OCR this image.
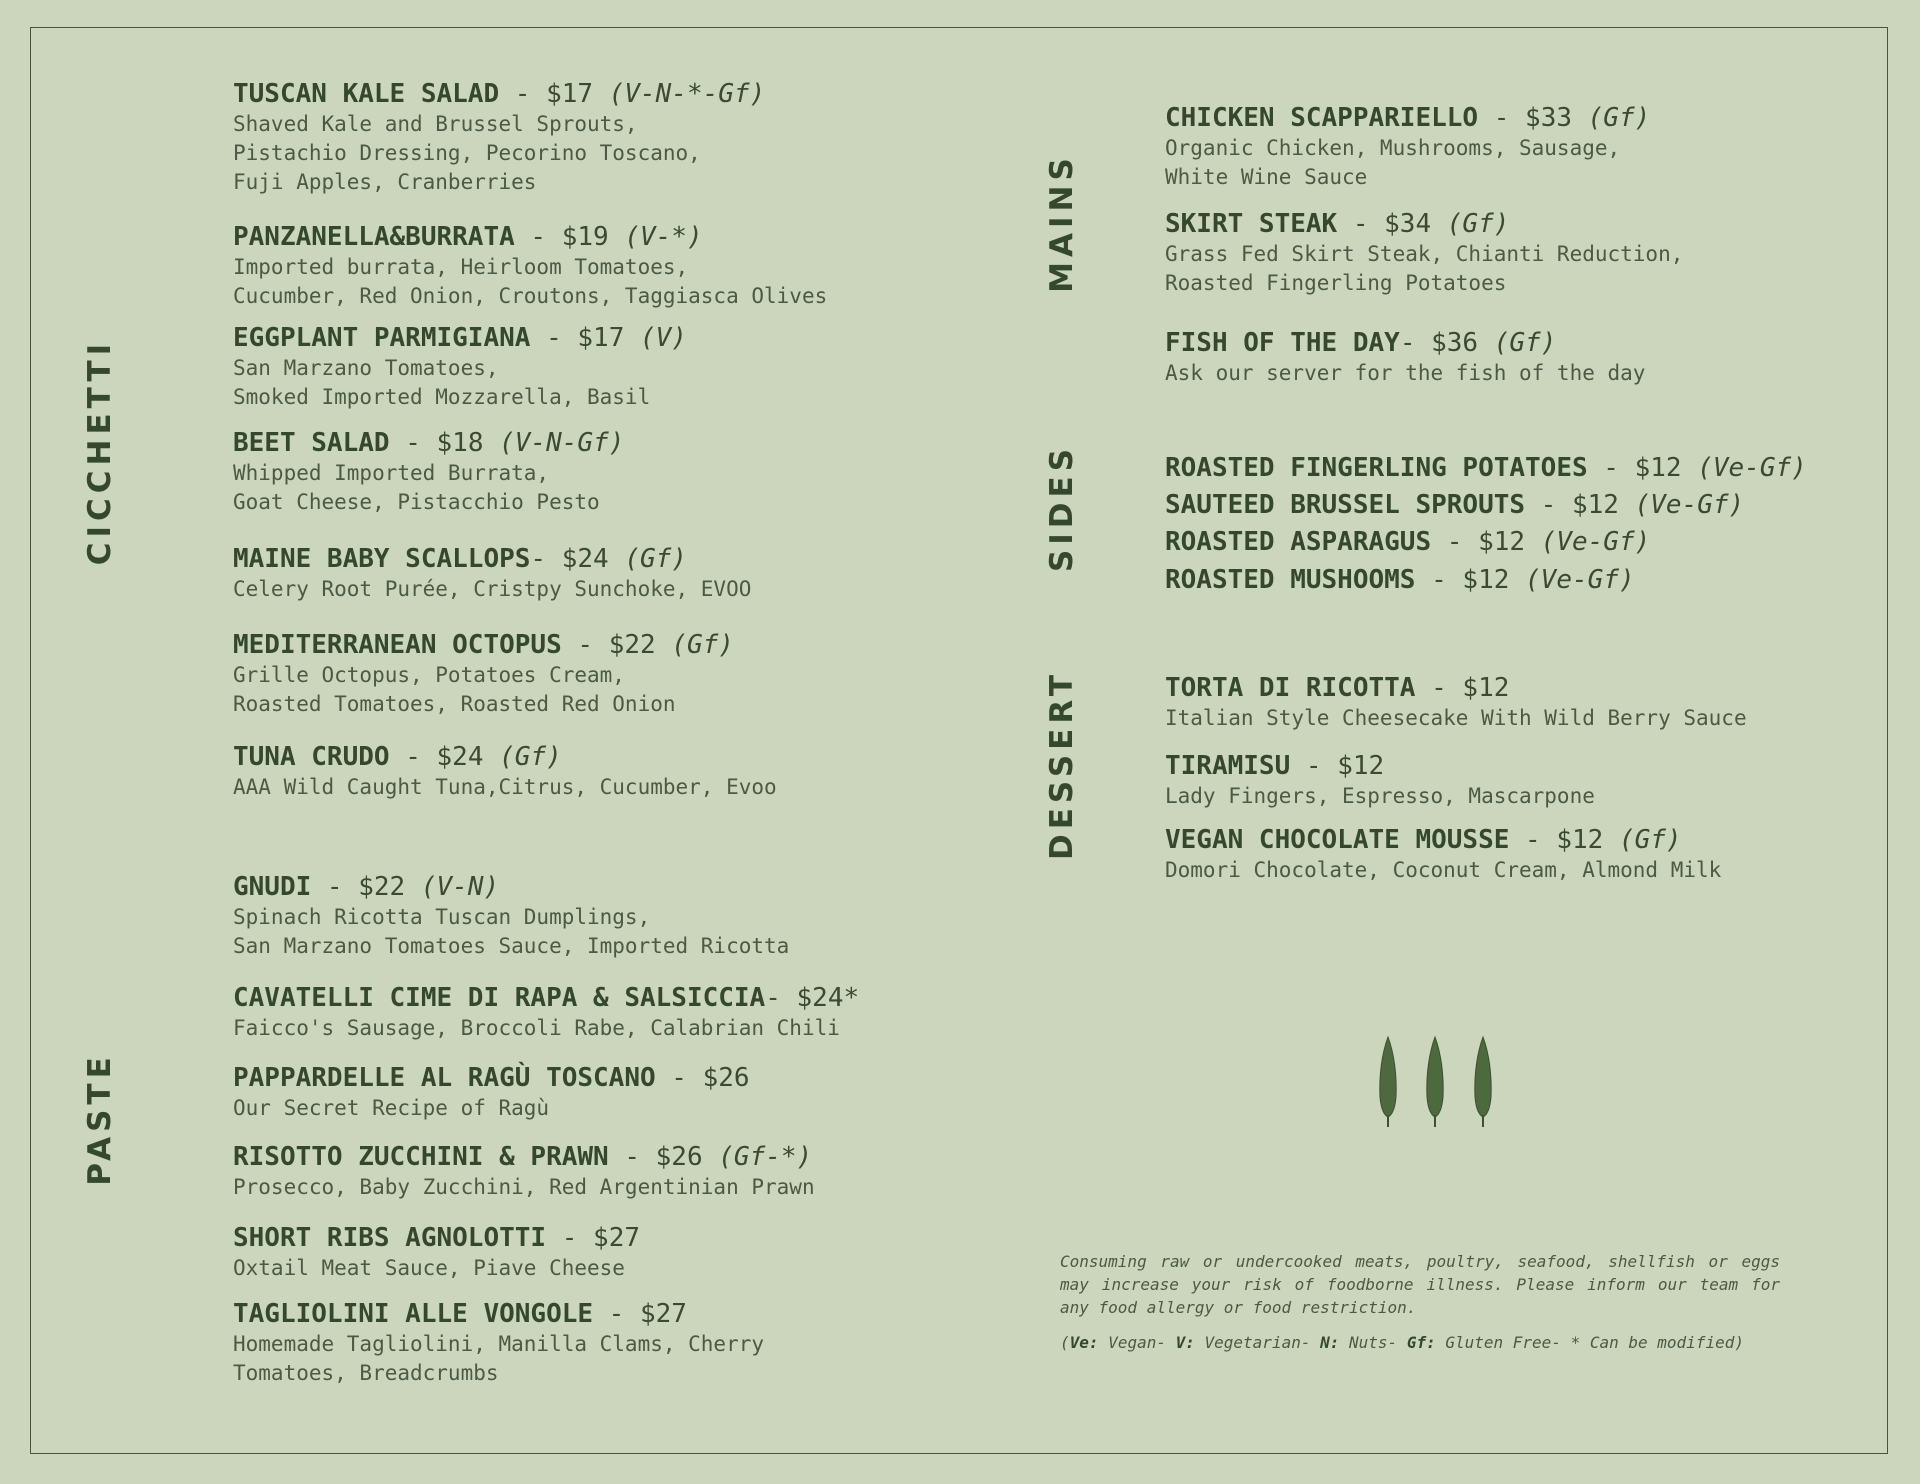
CICCHETTI
PASTE
MAINS
SIDES
DESSERT
TUSCAN KALE SALAD - $17 (V-N-*-Gf)
Shaved Kale and Brussel Sprouts,
Pistachio Dressing, Pecorino Toscano,
Fuji Apples, Cranberries
PANZANELLA&BURRATA - $19 (V-*)
Imported burrata, Heirloom Tomatoes,
Cucumber, Red Onion, Croutons, Taggiasca Olives
EGGPLANT PARMIGIANA - $17 (V)
San Marzano Tomatoes,
Smoked Imported Mozzarella, Basil
BEET SALAD - $18 (V-N-Gf)
Whipped Imported Burrata,
Goat Cheese, Pistacchio Pesto
MAINE BABY SCALLOPS- $24 (Gf)
Celery Root Purée, Cristpy Sunchoke, EVOO
MEDITERRANEAN OCTOPUS - $22 (Gf)
Grille Octopus, Potatoes Cream,
Roasted Tomatoes, Roasted Red Onion
TUNA CRUDO - $24 (Gf)
AAA Wild Caught Tuna,Citrus, Cucumber, Evoo
GNUDI - $22 (V-N)
Spinach Ricotta Tuscan Dumplings,
San Marzano Tomatoes Sauce, Imported Ricotta
CAVATELLI CIME DI RAPA & SALSICCIA- $24*
Faicco's Sausage, Broccoli Rabe, Calabrian Chili
PAPPARDELLE AL RAGÙ TOSCANO - $26
Our Secret Recipe of Ragù
RISOTTO ZUCCHINI & PRAWN - $26 (Gf-*)
Prosecco, Baby Zucchini, Red Argentinian Prawn
SHORT RIBS AGNOLOTTI - $27
Oxtail Meat Sauce, Piave Cheese
TAGLIOLINI ALLE VONGOLE - $27
Homemade Tagliolini, Manilla Clams, Cherry
Tomatoes, Breadcrumbs
CHICKEN SCAPPARIELLO - $33 (Gf)
Organic Chicken, Mushrooms, Sausage,
White Wine Sauce
SKIRT STEAK - $34 (Gf)
Grass Fed Skirt Steak, Chianti Reduction,
Roasted Fingerling Potatoes
FISH OF THE DAY- $36 (Gf)
Ask our server for the fish of the day
ROASTED FINGERLING POTATOES - $12 (Ve-Gf)
SAUTEED BRUSSEL SPROUTS - $12 (Ve-Gf)
ROASTED ASPARAGUS - $12 (Ve-Gf)
ROASTED MUSHOOMS - $12 (Ve-Gf)
TORTA DI RICOTTA - $12
Italian Style Cheesecake With Wild Berry Sauce
TIRAMISU - $12
Lady Fingers, Espresso, Mascarpone
VEGAN CHOCOLATE MOUSSE - $12 (Gf)
Domori Chocolate, Coconut Cream, Almond Milk
Consuming raw or undercooked meats, poultry, seafood, shellfish or eggs may increase your risk of foodborne illness. Please inform our team for any food allergy or food restriction.
(Ve: Vegan- V: Vegetarian- N: Nuts- Gf: Gluten Free- * Can be modified)
